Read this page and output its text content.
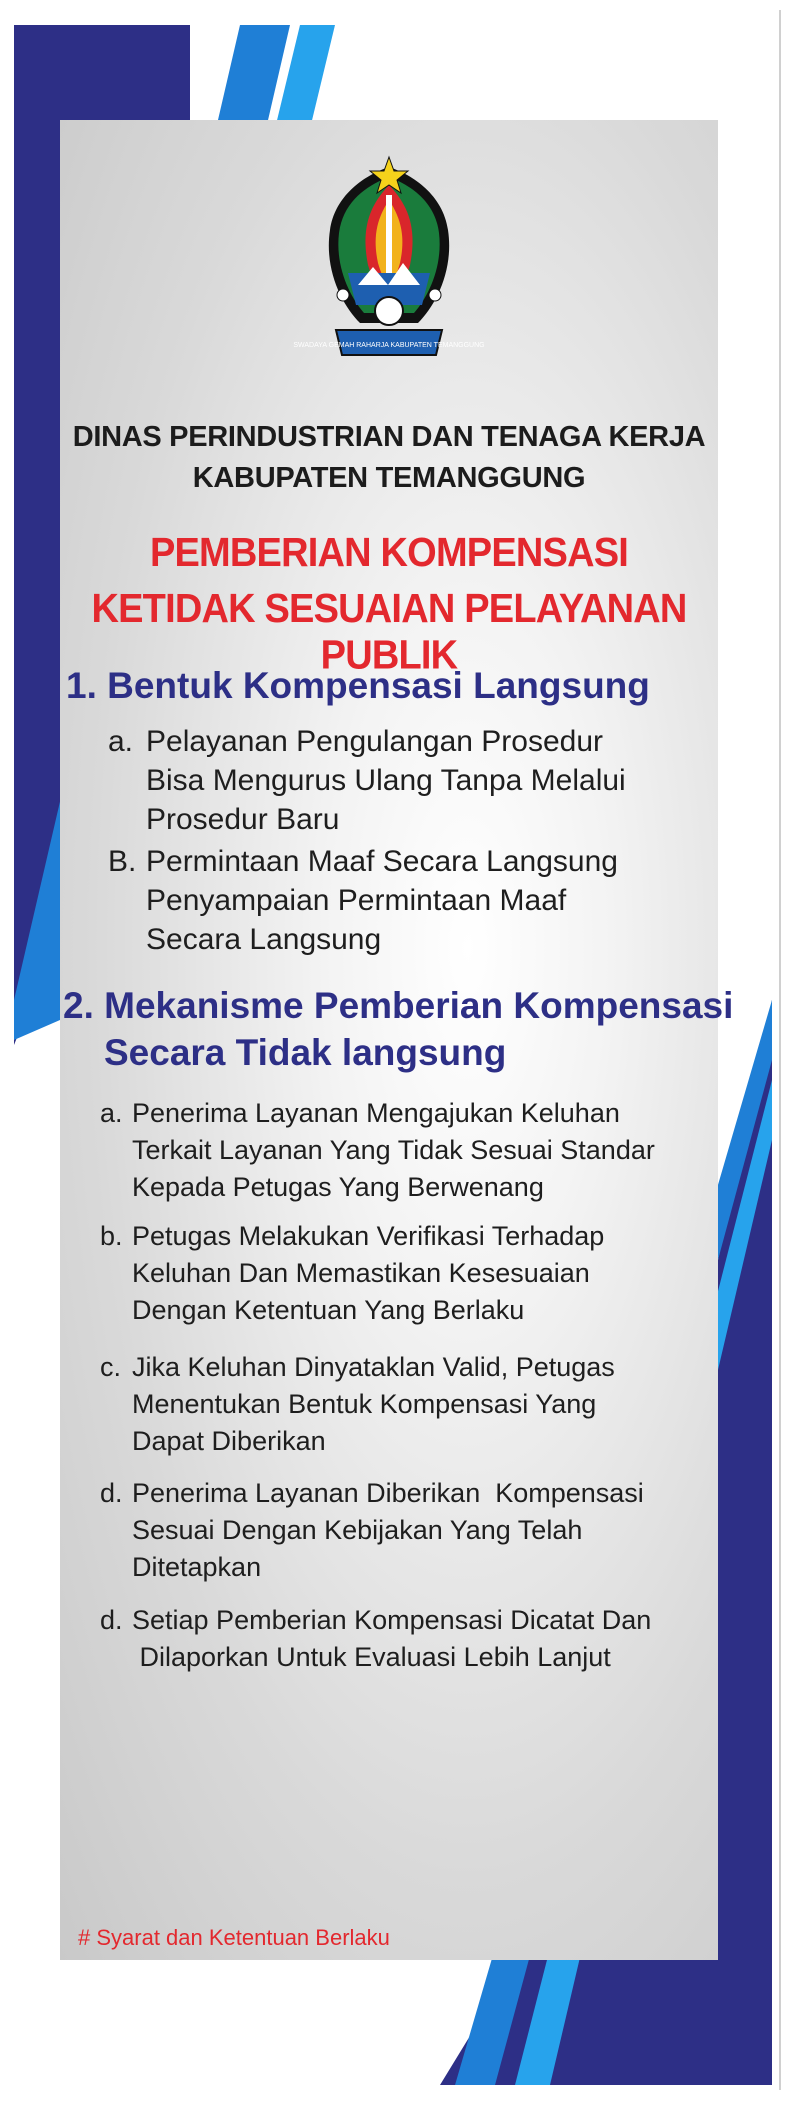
SWADAYA GEMAH RAHARJA KABUPATEN TEMANGGUNG
DINAS PERINDUSTRIAN DAN TENAGA KERJA
KABUPATEN TEMANGGUNG
PEMBERIAN KOMPENSASI
KETIDAK SESUAIAN PELAYANAN PUBLIK
1. Bentuk Kompensasi Langsung
a. Pelayanan Pengulangan Prosedur
Bisa Mengurus Ulang Tanpa Melalui
Prosedur Baru
B. Permintaan Maaf Secara Langsung
Penyampaian Permintaan Maaf
Secara Langsung
2. Mekanisme Pemberian Kompensasi
Secara Tidak langsung
a. Penerima Layanan Mengajukan Keluhan
Terkait Layanan Yang Tidak Sesuai Standar
Kepada Petugas Yang Berwenang
b. Petugas Melakukan Verifikasi Terhadap
Keluhan Dan Memastikan Kesesuaian
Dengan Ketentuan Yang Berlaku
c. Jika Keluhan Dinyataklan Valid, Petugas
Menentukan Bentuk Kompensasi Yang
Dapat Diberikan
d. Penerima Layanan Diberikan  Kompensasi
Sesuai Dengan Kebijakan Yang Telah
Ditetapkan
d. Setiap Pemberian Kompensasi Dicatat Dan
Dilaporkan Untuk Evaluasi Lebih Lanjut
# Syarat dan Ketentuan Berlaku
